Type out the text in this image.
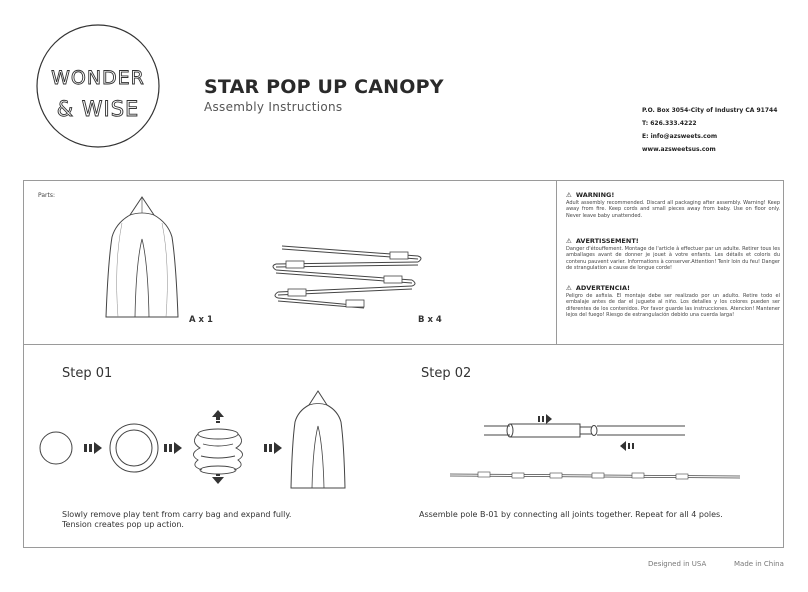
WONDER
& WISE
STAR POP UP CANOPY
Assembly Instructions	P.O. Box 3054-City of Industry CA 91744
T: 626.333.4222
E: info@azsweets.com
www.azsweetsus.com
Parts:
A x 1	B x 4
⚠ WARNING!
Adult assembly recommended. Discard all packaging after assembly. Warning! Keep away from fire. Keep cords and small pieces away from baby. Use on floor only. Never leave baby unattended.
⚠ AVERTISSEMENT!
Danger d'étouffement. Montage de l'article à effectuer par un adulte. Retirer tous les amballages avant de donner je jouet à votre enfants. Les détails et coloris du contenu pauvent varier. Informations à conserver.Attention! Tenir loin du feu! Danger de strangulation a cause de longue corde!
⚠ ADVERTENCIA!
Peligro de asfixia. El montaje debe ser realizado por un adulto. Retire todo el embalaje antes de dar el juguete al niño. Los detalles y los colores pueden ser diferentes de los contenidos. Por favor guarde las instrucciones. Atencion! Mantener lejos del fuego! Riesgo de estrangulación debido una cuerda larga!
Step 01
Slowly remove play tent from carry bag and expand fully.
Tension creates pop up action.
Step 02
Assemble pole B-01 by connecting all joints together. Repeat for all 4 poles.
Designed in USA	Made in China
